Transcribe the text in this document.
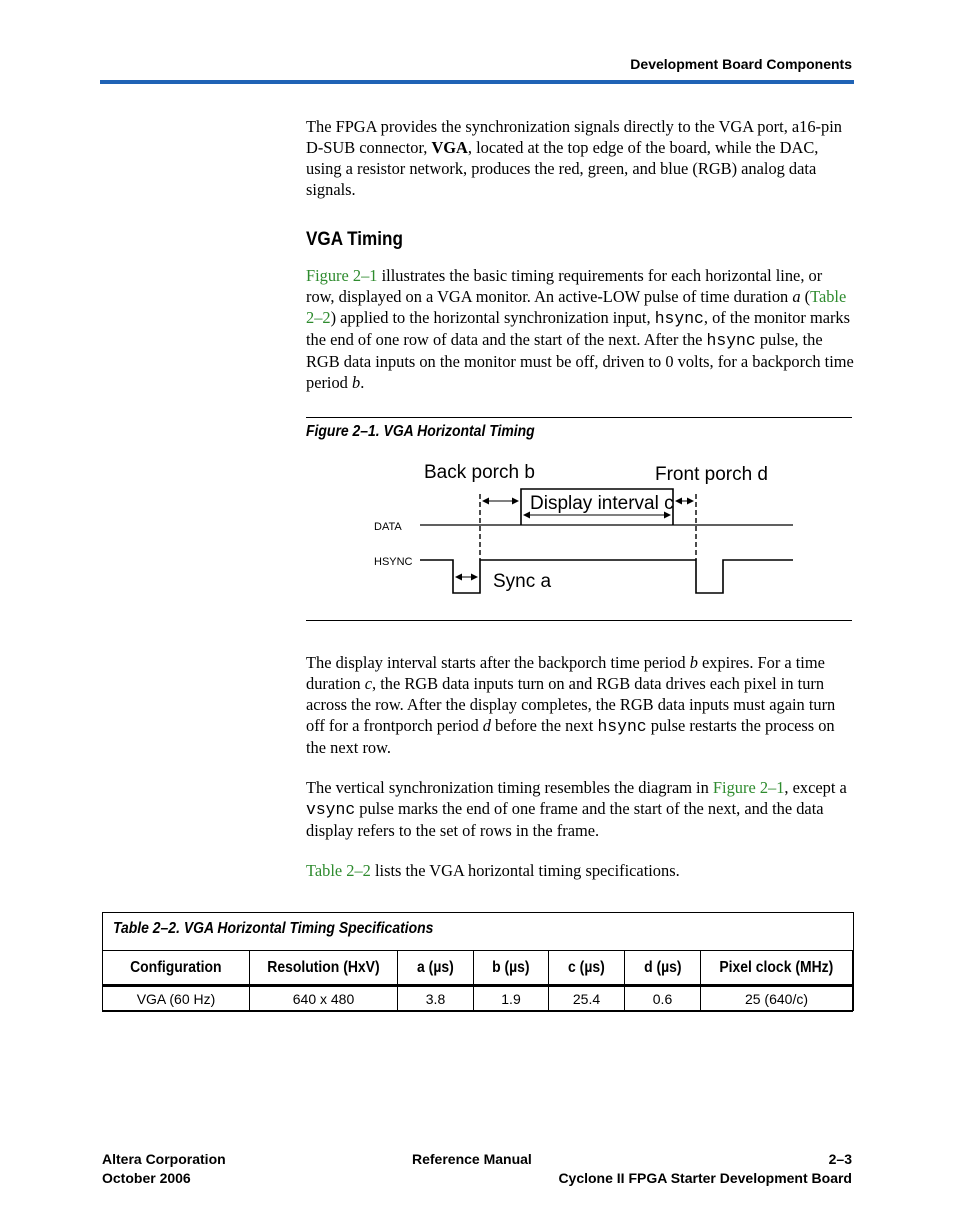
Development Board Components
The FPGA provides the synchronization signals directly to the VGA port, a16-pin D-SUB connector, VGA, located at the top edge of the board, while the DAC, using a resistor network, produces the red, green, and blue (RGB) analog data signals.
VGA Timing
Figure 2–1 illustrates the basic timing requirements for each horizontal line, or row, displayed on a VGA monitor. An active-LOW pulse of time duration a (Table 2–2) applied to the horizontal synchronization input, hsync, of the monitor marks the end of one row of data and the start of the next. After the hsync pulse, the RGB data inputs on the monitor must be off, driven to 0 volts, for a backporch time period b.
Figure 2–1. VGA Horizontal Timing
Back porch b	Front porch d
Display interval c
Sync a
DATA
HSYNC
The display interval starts after the backporch time period b expires. For a time duration c, the RGB data inputs turn on and RGB data drives each pixel in turn across the row. After the display completes, the RGB data inputs must again turn off for a frontporch period d before the next hsync pulse restarts the process on the next row.
The vertical synchronization timing resembles the diagram in Figure 2–1, except a vsync pulse marks the end of one frame and the start of the next, and the data display refers to the set of rows in the frame.
Table 2–2 lists the VGA horizontal timing specifications.
Table 2–2. VGA Horizontal Timing Specifications
Configuration	Resolution (HxV)	a (µs)	b (µs)	c (µs)	d (µs)	Pixel clock (MHz)
VGA (60 Hz)	640 x 480	3.8	1.9	25.4	0.6	25 (640/c)
Altera Corporation
October 2006
Reference Manual	2–3
Cyclone II FPGA Starter Development Board
